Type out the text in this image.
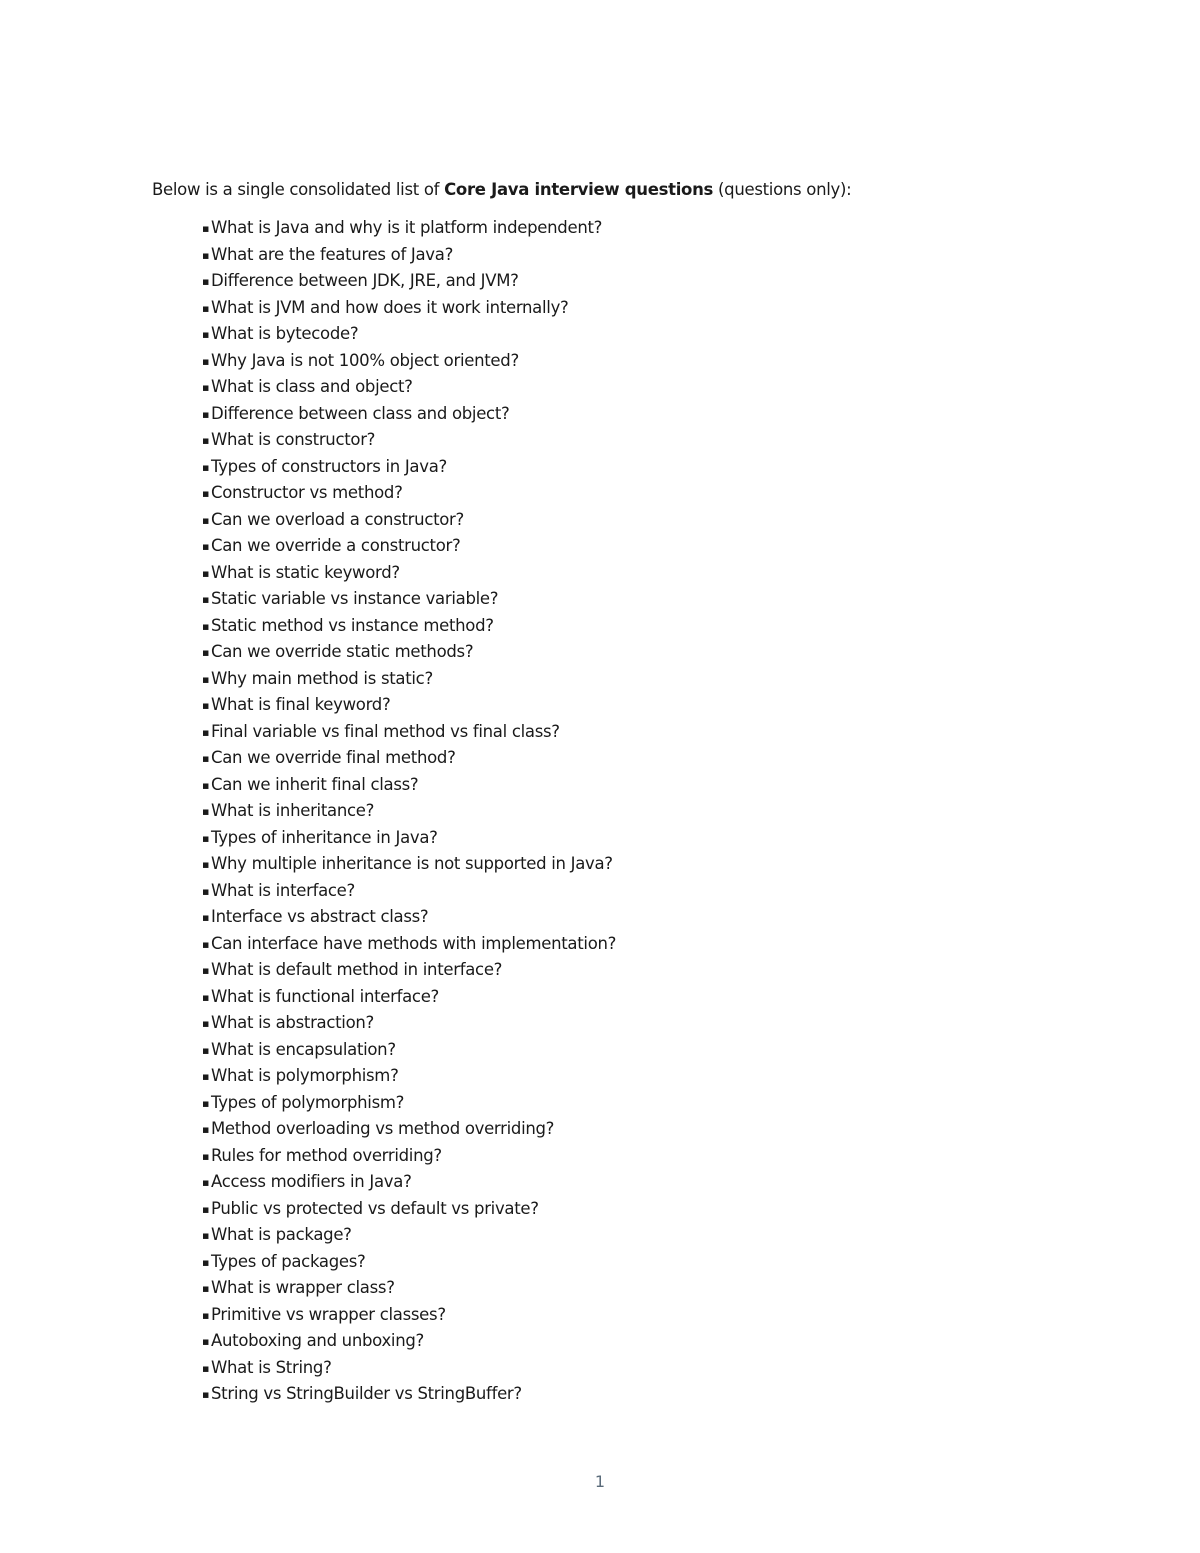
Below is a single consolidated list of Core Java interview questions (questions only):

▪ What is Java and why is it platform independent?
▪ What are the features of Java?
▪ Difference between JDK, JRE, and JVM?
▪ What is JVM and how does it work internally?
▪ What is bytecode?
▪ Why Java is not 100% object oriented?
▪ What is class and object?
▪ Difference between class and object?
▪ What is constructor?
▪ Types of constructors in Java?
▪ Constructor vs method?
▪ Can we overload a constructor?
▪ Can we override a constructor?
▪ What is static keyword?
▪ Static variable vs instance variable?
▪ Static method vs instance method?
▪ Can we override static methods?
▪ Why main method is static?
▪ What is final keyword?
▪ Final variable vs final method vs final class?
▪ Can we override final method?
▪ Can we inherit final class?
▪ What is inheritance?
▪ Types of inheritance in Java?
▪ Why multiple inheritance is not supported in Java?
▪ What is interface?
▪ Interface vs abstract class?
▪ Can interface have methods with implementation?
▪ What is default method in interface?
▪ What is functional interface?
▪ What is abstraction?
▪ What is encapsulation?
▪ What is polymorphism?
▪ Types of polymorphism?
▪ Method overloading vs method overriding?
▪ Rules for method overriding?
▪ Access modifiers in Java?
▪ Public vs protected vs default vs private?
▪ What is package?
▪ Types of packages?
▪ What is wrapper class?
▪ Primitive vs wrapper classes?
▪ Autoboxing and unboxing?
▪ What is String?
▪ String vs StringBuilder vs StringBuffer?
1
